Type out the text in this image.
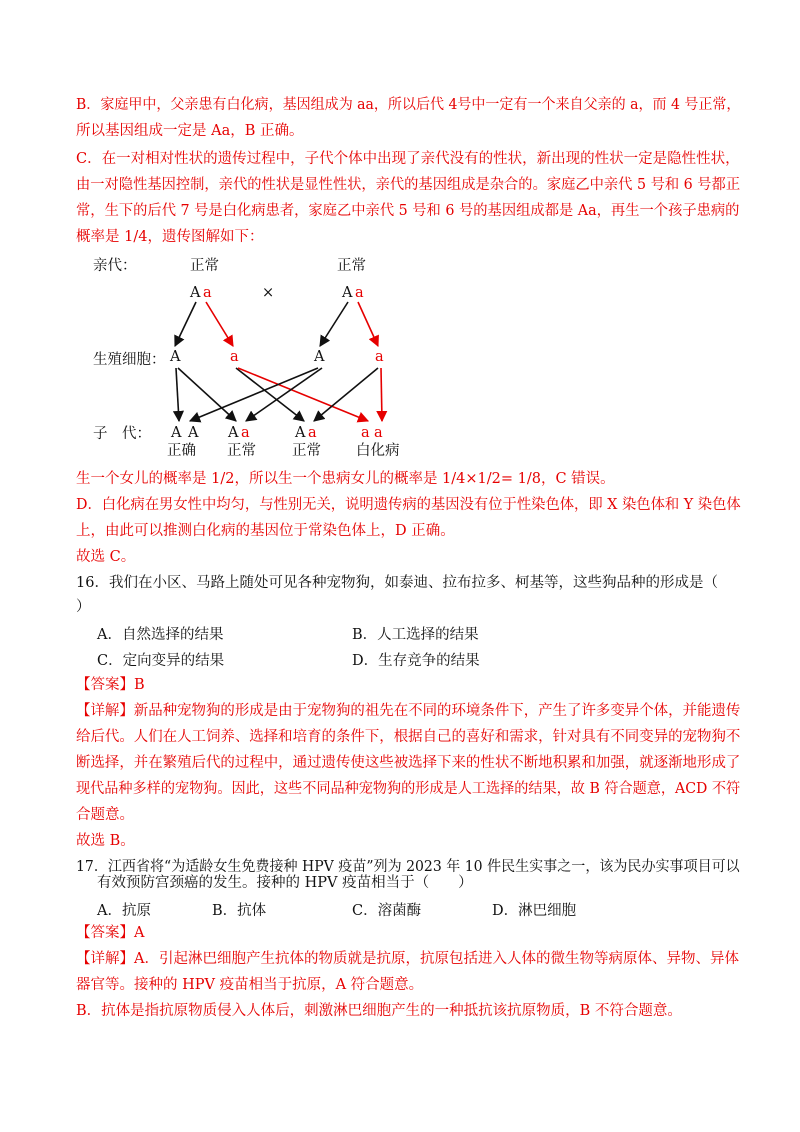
B．家庭甲中，父亲患有白化病，基因组成为 aa，所以后代 4号中一定有一个来自父亲的 a，而 4 号正常，
所以基因组成一定是 Aa，B 正确。
C．在一对相对性状的遗传过程中，子代个体中出现了亲代没有的性状，新出现的性状一定是隐性性状，
由一对隐性基因控制，亲代的性状是显性性状，亲代的基因组成是杂合的。家庭乙中亲代 5 号和 6 号都正
常，生下的后代 7 号是白化病患者，家庭乙中亲代 5 号和 6 号的基因组成都是 Aa，再生一个孩子患病的
概率是 1/4，遗传图解如下：
亲代：	正常	正常
A a	×	A a
生殖细胞： A	a	A	a
子　代： A A A a	A a	a a
正确 正常 正常 白化病
生一个女儿的概率是 1/2，所以生一个患病女儿的概率是 1/4×1/2= 1/8，C 错误。
D．白化病在男女性中均匀，与性别无关，说明遗传病的基因没有位于性染色体，即 X 染色体和 Y 染色体
上，由此可以推测白化病的基因位于常染色体上，D 正确。
故选 C。
16．我们在小区、马路上随处可见各种宠物狗，如泰迪、拉布拉多、柯基等，这些狗品种的形成是（
）
A．自然选择的结果	B．人工选择的结果
C．定向变异的结果	D．生存竞争的结果
【答案】B
【详解】新品种宠物狗的形成是由于宠物狗的祖先在不同的环境条件下，产生了许多变异个体，并能遗传
给后代。人们在人工饲养、选择和培育的条件下，根据自己的喜好和需求，针对具有不同变异的宠物狗不
断选择，并在繁殖后代的过程中，通过遗传使这些被选择下来的性状不断地积累和加强，就逐渐地形成了
现代品种多样的宠物狗。因此，这些不同品种宠物狗的形成是人工选择的结果，故 B 符合题意，ACD 不符
合题意。
故选 B。
17．江西省将“为适龄女生免费接种 HPV 疫苗”列为 2023 年 10 件民生实事之一，该为民办实事项目可以
有效预防宫颈癌的发生。接种的 HPV 疫苗相当于（　　）
A．抗原	B．抗体	C．溶菌酶	D．淋巴细胞
【答案】A
【详解】A．引起淋巴细胞产生抗体的物质就是抗原，抗原包括进入人体的微生物等病原体、异物、异体
器官等。接种的 HPV 疫苗相当于抗原，A 符合题意。
B．抗体是指抗原物质侵入人体后，刺激淋巴细胞产生的一种抵抗该抗原物质，B 不符合题意。
